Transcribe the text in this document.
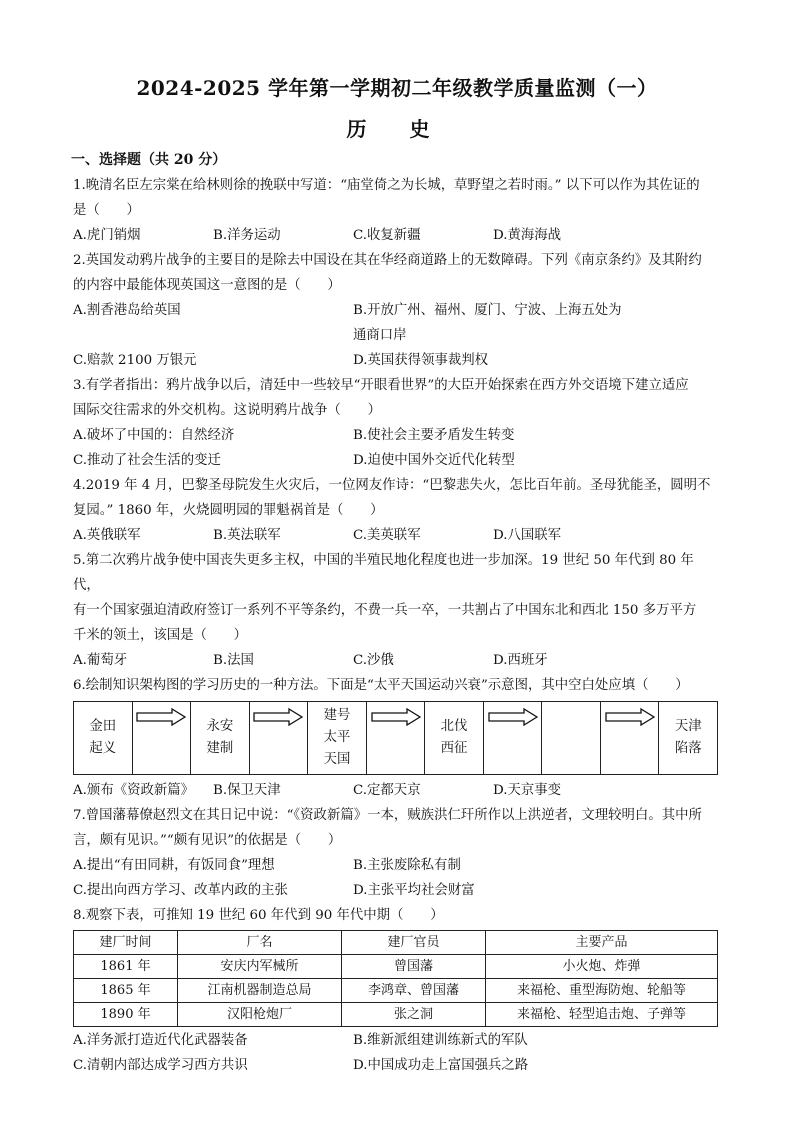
2024-2025 学年第一学期初二年级教学质量监测（一）
历 史
一、选择题（共 20 分）

1.晚清名臣左宗棠在给林则徐的挽联中写道：“庙堂倚之为长城，草野望之若时雨。” 以下可以作为其佐证的

是（　　）

A.虎门销烟	B.洋务运动	C.收复新疆	D.黄海海战

2.英国发动鸦片战争的主要目的是除去中国设在其在华经商道路上的无数障碍。下列《南京条约》及其附约

的内容中最能体现英国这一意图的是（　　）

A.割香港岛给英国	B.开放广州、福州、厦门、宁波、上海五处为通商口岸
C.赔款 2100 万银元	D.英国获得领事裁判权

3.有学者指出：鸦片战争以后，清廷中一些较早“开眼看世界”的大臣开始探索在西方外交语境下建立适应

国际交往需求的外交机构。这说明鸦片战争（　　）

A.破坏了中国的：自然经济	B.使社会主要矛盾发生转变
C.推动了社会生活的变迁	D.迫使中国外交近代化转型

4.2019 年 4 月，巴黎圣母院发生火灾后，一位网友作诗：“巴黎悲失火，怎比百年前。圣母犹能圣，圆明不

复园。” 1860 年，火烧圆明园的罪魁祸首是（　　）

A.英俄联军	B.英法联军	C.美英联军	D.八国联军

5.第二次鸦片战争使中国丧失更多主权，中国的半殖民地化程度也进一步加深。19 世纪 50 年代到 80 年代，

有一个国家强迫清政府签订一系列不平等条约，不费一兵一卒，一共割占了中国东北和西北 150 多万平方

千米的领土，该国是（　　）

A.葡萄牙	B.法国	C.沙俄	D.西班牙

6.绘制知识架构图的学习历史的一种方法。下面是“太平天国运动兴衰”示意图，其中空白处应填（　　）

金田
起义
永安
建制
建号
太平
天国
北伐
西征
天津
陷落
A.颁布《资政新篇》	B.保卫天津	C.定都天京	D.天京事变

7.曾国藩幕僚赵烈文在其日记中说：“《资政新篇》一本，贼族洪仁玕所作以上洪逆者，文理较明白。其中所

言，颇有见识。”“颇有见识”的依据是（　　）

A.提出“有田同耕，有饭同食”理想	B.主张废除私有制
C.提出向西方学习、改革内政的主张	D.主张平均社会财富

8.观察下表，可推知 19 世纪 60 年代到 90 年代中期（　　）

建厂时间	厂名	建厂官员	主要产品
1861 年	安庆内军械所	曾国藩	小火炮、炸弹
1865 年	江南机器制造总局	李鸿章、曾国藩	来福枪、重型海防炮、轮船等
1890 年	汉阳枪炮厂	张之洞	来福枪、轻型追击炮、子弹等
A.洋务派打造近代化武器装备	B.维新派组建训练新式的军队
C.清朝内部达成学习西方共识	D.中国成功走上富国强兵之路
